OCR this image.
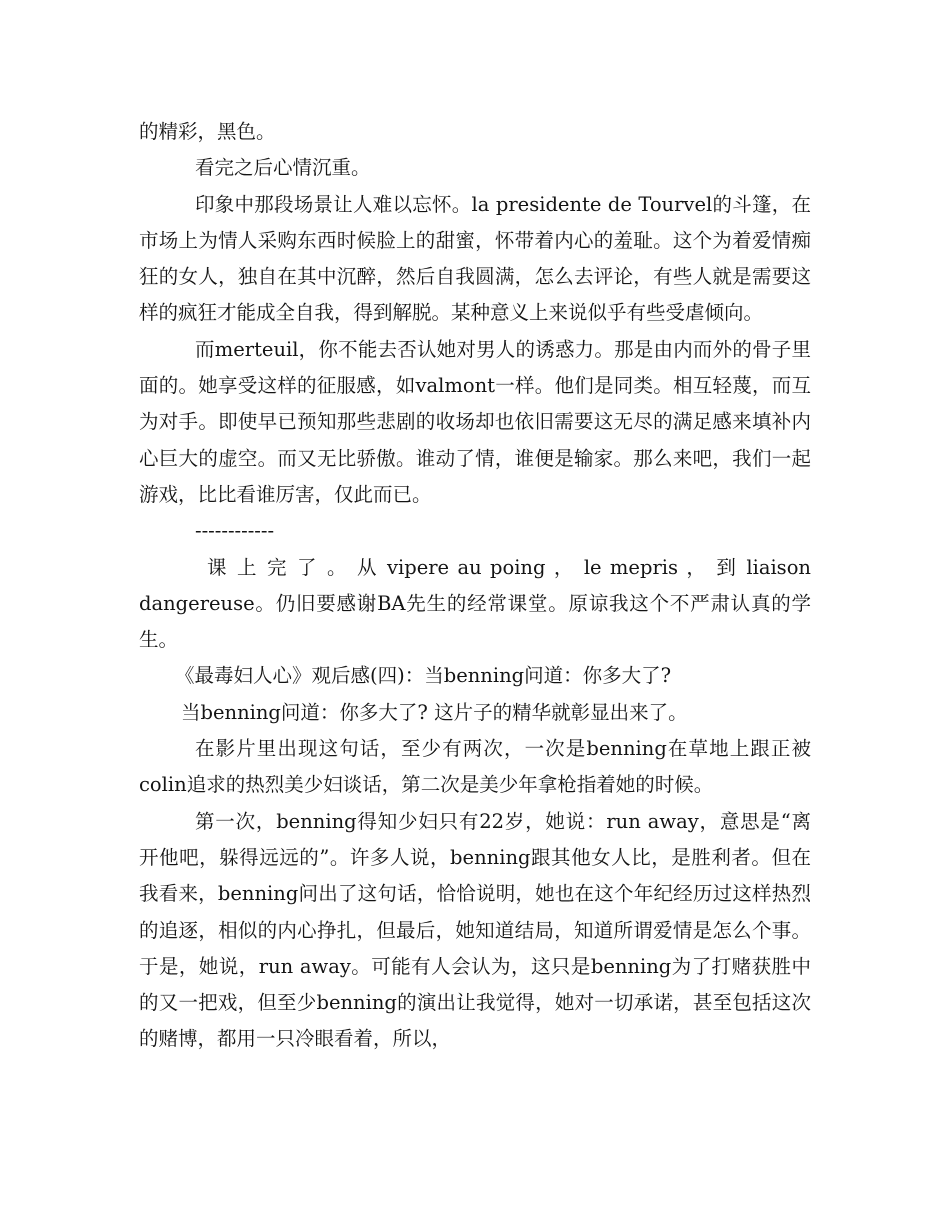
的精彩，黑色。

看完之后心情沉重。

印象中那段场景让人难以忘怀。la presidente de Tourvel的斗篷，在市场上为情人采购东西时候脸上的甜蜜，怀带着内心的羞耻。这个为着爱情痴狂的女人，独自在其中沉醉，然后自我圆满，怎么去评论，有些人就是需要这样的疯狂才能成全自我，得到解脱。某种意义上来说似乎有些受虐倾向。

而merteuil，你不能去否认她对男人的诱惑力。那是由内而外的骨子里面的。她享受这样的征服感，如valmont一样。他们是同类。相互轻蔑，而互为对手。即使早已预知那些悲剧的收场却也依旧需要这无尽的满足感来填补内心巨大的虚空。而又无比骄傲。谁动了情，谁便是输家。那么来吧，我们一起游戏，比比看谁厉害，仅此而已。

------------

课 上 完 了 。 从 vipere au poing ， le mepris ， 到 liaison dangereuse。仍旧要感谢BA先生的经常课堂。原谅我这个不严肃认真的学生。

《最毒妇人心》观后感(四)：当benning问道：你多大了?

当benning问道：你多大了? 这片子的精华就彰显出来了。

在影片里出现这句话，至少有两次，一次是benning在草地上跟正被colin追求的热烈美少妇谈话，第二次是美少年拿枪指着她的时候。

第一次，benning得知少妇只有22岁，她说：run away，意思是“离开他吧，躲得远远的”。许多人说，benning跟其他女人比，是胜利者。但在我看来，benning问出了这句话，恰恰说明，她也在这个年纪经历过这样热烈的追逐，相似的内心挣扎，但最后，她知道结局，知道所谓爱情是怎么个事。于是，她说，run away。可能有人会认为，这只是benning为了打赌获胜中的又一把戏，但至少benning的演出让我觉得，她对一切承诺，甚至包括这次的赌博，都用一只冷眼看着，所以，
